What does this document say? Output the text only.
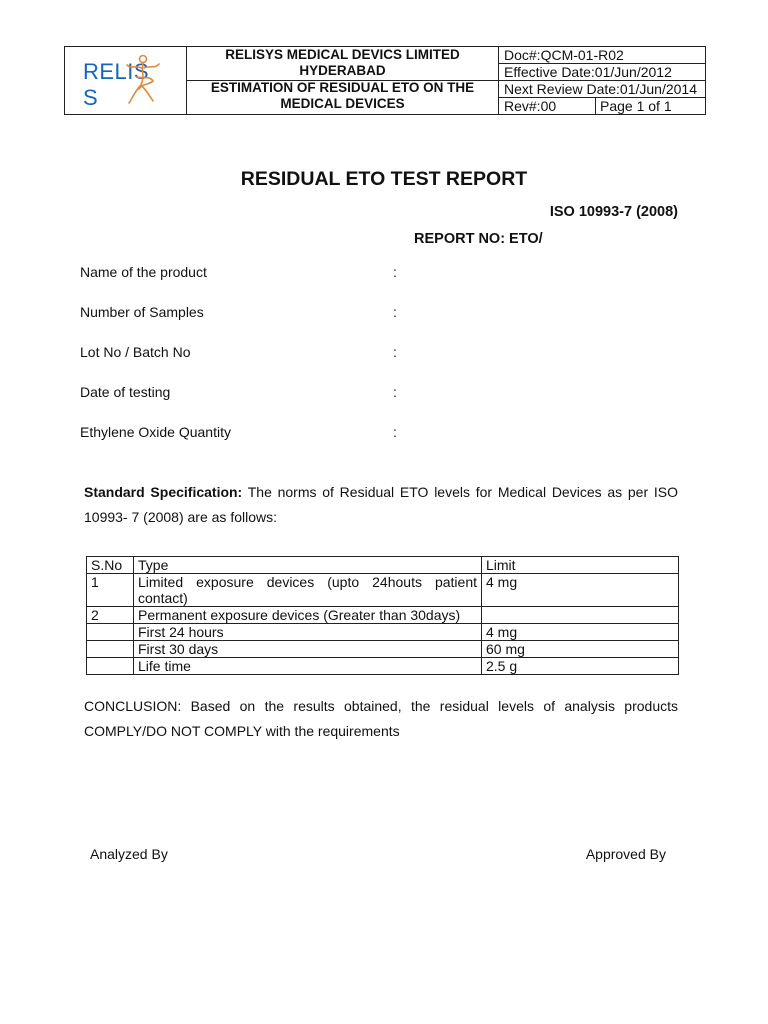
RELIS S
RELISYS MEDICAL DEVICS LIMITED
HYDERABAD
ESTIMATION OF RESIDUAL ETO ON THE
MEDICAL DEVICES
Doc#:QCM-01-R02
Effective Date:01/Jun/2012
Next Review Date:01/Jun/2014
Rev#:00	Page 1 of 1
RESIDUAL ETO TEST REPORT
ISO 10993-7 (2008)
REPORT NO: ETO/
Name of the product	:
Number of Samples	:
Lot No / Batch No	:
Date of testing	:
Ethylene Oxide Quantity	:
Standard Specification: The norms of Residual ETO levels for Medical Devices as per ISO 10993- 7 (2008) are as follows:
S.No	Type	Limit
1	Limited exposure devices (upto 24houts patient contact)	4 mg
2	Permanent exposure devices (Greater than 30days)	
	First 24 hours	4 mg
	First 30 days	60 mg
	Life time	2.5 g
CONCLUSION: Based on the results obtained, the residual levels of analysis products COMPLY/DO NOT COMPLY with the requirements
Analyzed By	Approved By
